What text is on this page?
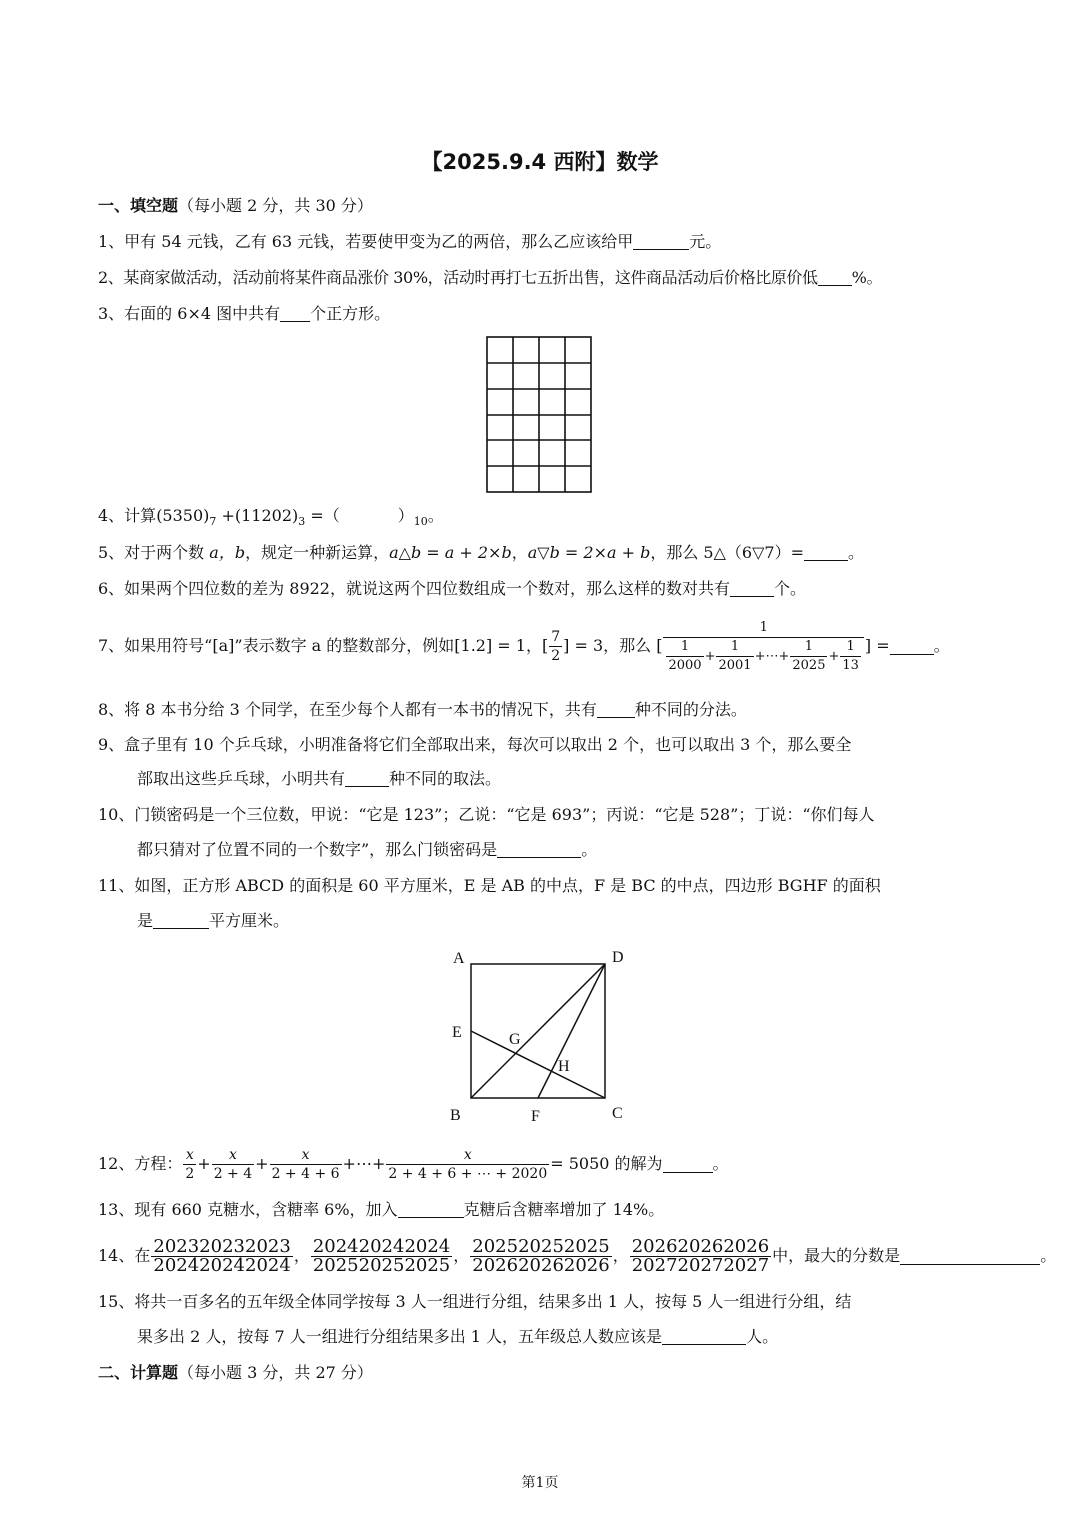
【2025.9.4 西附】数学
一、填空题（每小题 2 分，共 30 分）
1、甲有 54 元钱，乙有 63 元钱，若要使甲变为乙的两倍，那么乙应该给甲	元。
2、某商家做活动，活动前将某件商品涨价 30%，活动时再打七五折出售，这件商品活动后价格比原价低 %。
3、右面的 6×4 图中共有 个正方形。
4、计算$(5350)_7 +(11202)_3$ =（	）$_{10}$。
5、对于两个数 a，b，规定一种新运算，a△b = a + 2×b，a▽b = 2×a + b，那么 5△（6▽7）=	。
6、如果两个四位数的差为 8922，就说这两个四位数组成一个数对，那么这样的数对共有	个。
7、如果用符号“[a]”表示数字 a 的整数部分，例如[1.2] = 1，[ $\frac{7}{2}$ ] = 3，那么 [ $\frac{1}{\frac{1}{2000} + \frac{1}{2001} +\cdots+ \frac{1}{2025} + \frac{1}{13}}$ ] =	。
8、将 8 本书分给 3 个同学，在至少每个人都有一本书的情况下，共有 种不同的分法。
9、盒子里有 10 个乒乓球，小明准备将它们全部取出来，每次可以取出 2 个，也可以取出 3 个，那么要全
部取出这些乒乓球，小明共有	种不同的取法。
10、门锁密码是一个三位数，甲说：“它是 123”；乙说：“它是 693”；丙说：“它是 528”；丁说：“你们每人
都只猜对了位置不同的一个数字”，那么门锁密码是	。
11、如图，正方形 ABCD 的面积是 60 平方厘米，E 是 AB 的中点，F 是 BC 的中点，四边形 BGHF 的面积
是	平方厘米。
A	D
E	G
H
B	F	C
12、方程： $\frac{x}{2} + \frac{x}{2 + 4} + \frac{x}{2 + 4 + 6}$ +⋯+ $\frac{x}{2 + 4 + 6 + \cdots + 2020} = 5050$ 的解为	。
13、现有 660 克糖水，含糖率 6%，加入	克糖后含糖率增加了 14%。
14、在 $\frac{202320232023}{202420242024}$ ， $\frac{202420242024}{202520252025}$ ， $\frac{202520252025}{202620262026}$ ， $\frac{202620262026}{202720272027}$ 中，最大的分数是	。
15、将共一百多名的五年级全体同学按每 3 人一组进行分组，结果多出 1 人，按每 5 人一组进行分组，结
果多出 2 人，按每 7 人一组进行分组结果多出 1 人，五年级总人数应该是	人。
二、计算题（每小题 3 分，共 27 分）
第1页
